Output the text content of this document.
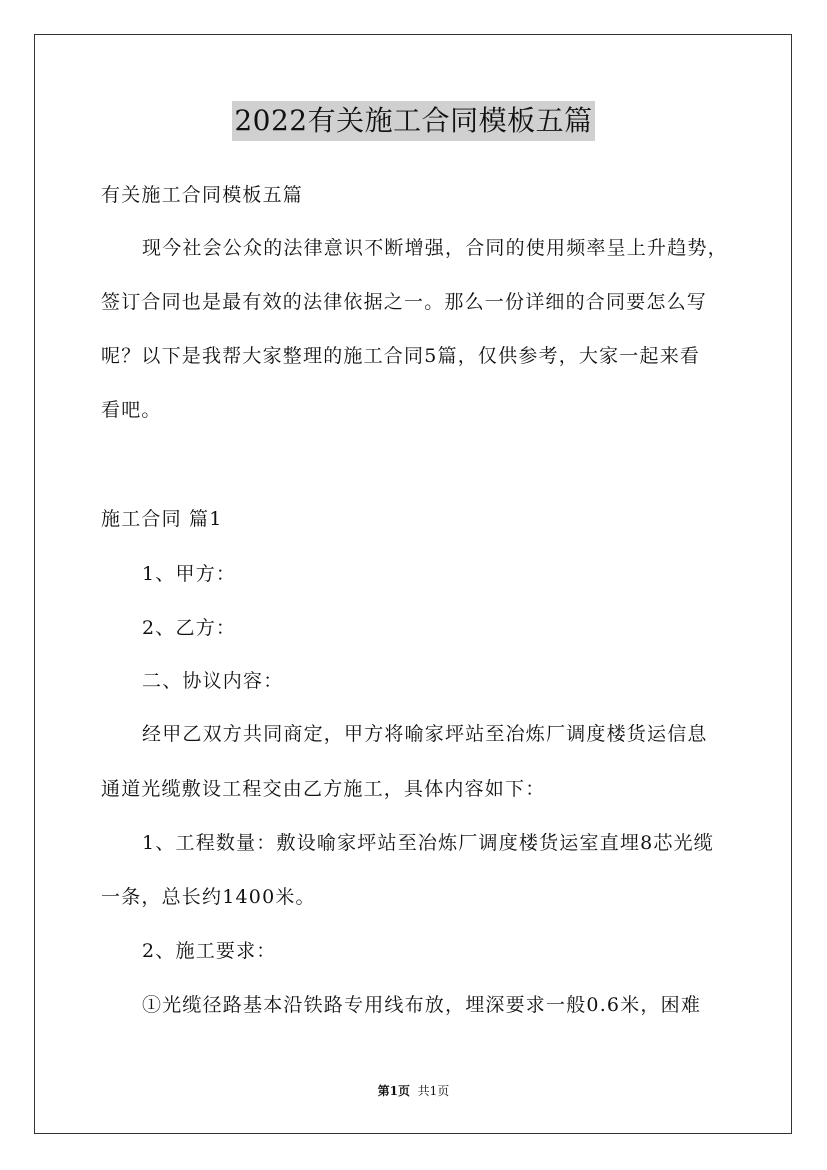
2022有关施工合同模板五篇
有关施工合同模板五篇
现今社会公众的法律意识不断增强，合同的使用频率呈上升趋势，
签订合同也是最有效的法律依据之一。那么一份详细的合同要怎么写
呢？以下是我帮大家整理的施工合同5篇，仅供参考，大家一起来看
看吧。
施工合同 篇1
1、甲方：
2、乙方：
二、协议内容：
经甲乙双方共同商定，甲方将喻家坪站至冶炼厂调度楼货运信息
通道光缆敷设工程交由乙方施工，具体内容如下：
1、工程数量：敷设喻家坪站至冶炼厂调度楼货运室直埋8芯光缆
一条，总长约1400米。
2、施工要求：
①光缆径路基本沿铁路专用线布放，埋深要求一般0.6米，困难
第1页 共1页
